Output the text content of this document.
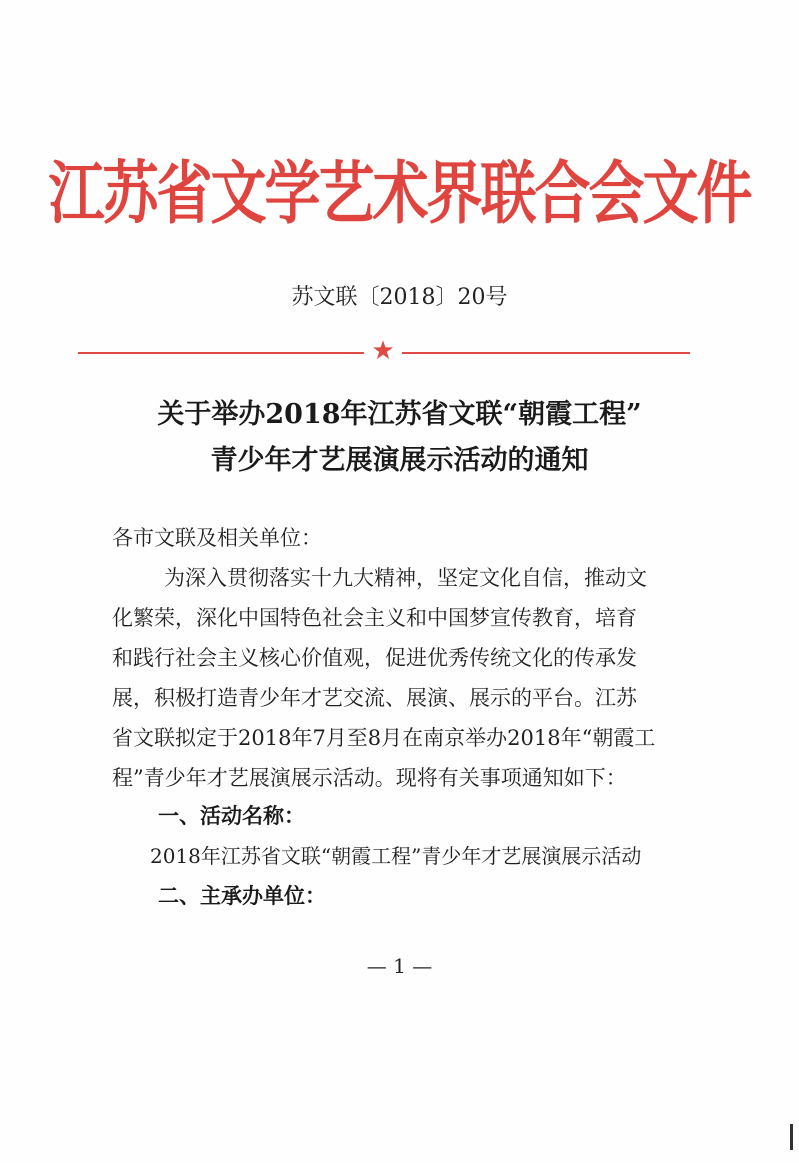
江苏省文学艺术界联合会文件
苏文联〔2018〕20号
★
关于举办2018年江苏省文联“朝霞工程”
青少年才艺展演展示活动的通知
各市文联及相关单位：
为深入贯彻落实十九大精神，坚定文化自信，推动文
化繁荣，深化中国特色社会主义和中国梦宣传教育，培育
和践行社会主义核心价值观，促进优秀传统文化的传承发
展，积极打造青少年才艺交流、展演、展示的平台。江苏
省文联拟定于2018年7月至8月在南京举办2018年“朝霞工
程”青少年才艺展演展示活动。现将有关事项通知如下：
一、活动名称：
2018年江苏省文联“朝霞工程”青少年才艺展演展示活动
二、主承办单位：
— 1 —
